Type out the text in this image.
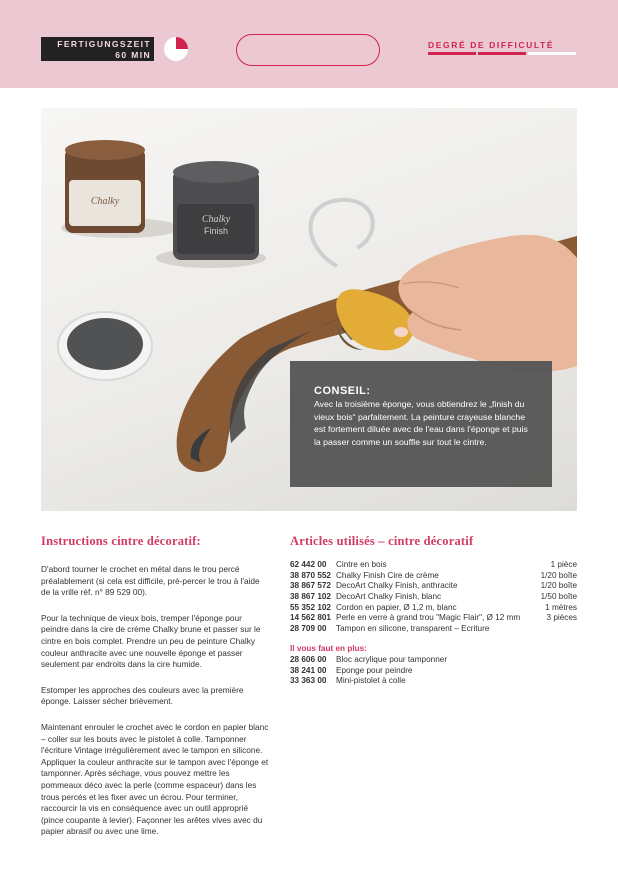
FERTIGUNGSZEIT
60 MIN
DEGRÉ DE DIFFICULTÉ
Chalky
Chalky
Finish
CONSEIL:
Avec la troisième éponge, vous obtiendrez le „finish du vieux bois“ parfaitement. La peinture crayeuse blanche est fortement diluée avec de l'eau dans l'éponge et puis la passer comme un souffle sur tout le cintre.
Instructions cintre décoratif:

D'abord tourner le crochet en métal dans le trou percé préalablement (si cela est difficile, pré-percer le trou à l'aide de la vrille réf. n° 89 529 00).

Pour la technique de vieux bois, tremper l'éponge pour peindre dans la cire de crème Chalky brune et passer sur le cintre en bois complet. Prendre un peu de peinture Chalky couleur anthracite avec une nouvelle éponge et passer seulement par endroits dans la cire humide.

Estomper les approches des couleurs avec la première éponge. Laisser sécher brièvement.

Maintenant enrouler le crochet avec le cordon en papier blanc – coller sur les bouts avec le pistolet à colle. Tamponner l'écriture Vintage irrégulièrement avec le tampon en silicone. Appliquer la couleur anthracite sur le tampon avec l'éponge et tamponner. Après séchage, vous pouvez mettre les pommeaux déco avec la perle (comme espaceur) dans les trous percés et les fixer avec un écrou. Pour terminer, raccourcir la vis en conséquence avec un outil approprié (pince coupante à levier). Façonner les arêtes vives avec du papier abrasif ou avec une lime.

Articles utilisés – cintre décoratif
62 442 00	Cintre en bois	1 pièce
38 870 552 Chalky Finish Cire de crème	1/20 boîte
38 867 572 DecoArt Chalky Finish, anthracite	1/20 boîte
38 867 102 DecoArt Chalky Finish, blanc	1/50 boîte
55 352 102 Cordon en papier, Ø 1,2 m, blanc	1 mètres
14 562 801 Perle en verre à grand trou "Magic Flair", Ø 12 mm	3 pièces
28 709 00	Tampon en silicone, transparent – Ecriture
Il vous faut en plus:
28 606 00	Bloc acrylique pour tamponner
38 241 00	Eponge pour peindre
33 363 00	Mini-pistolet à colle
